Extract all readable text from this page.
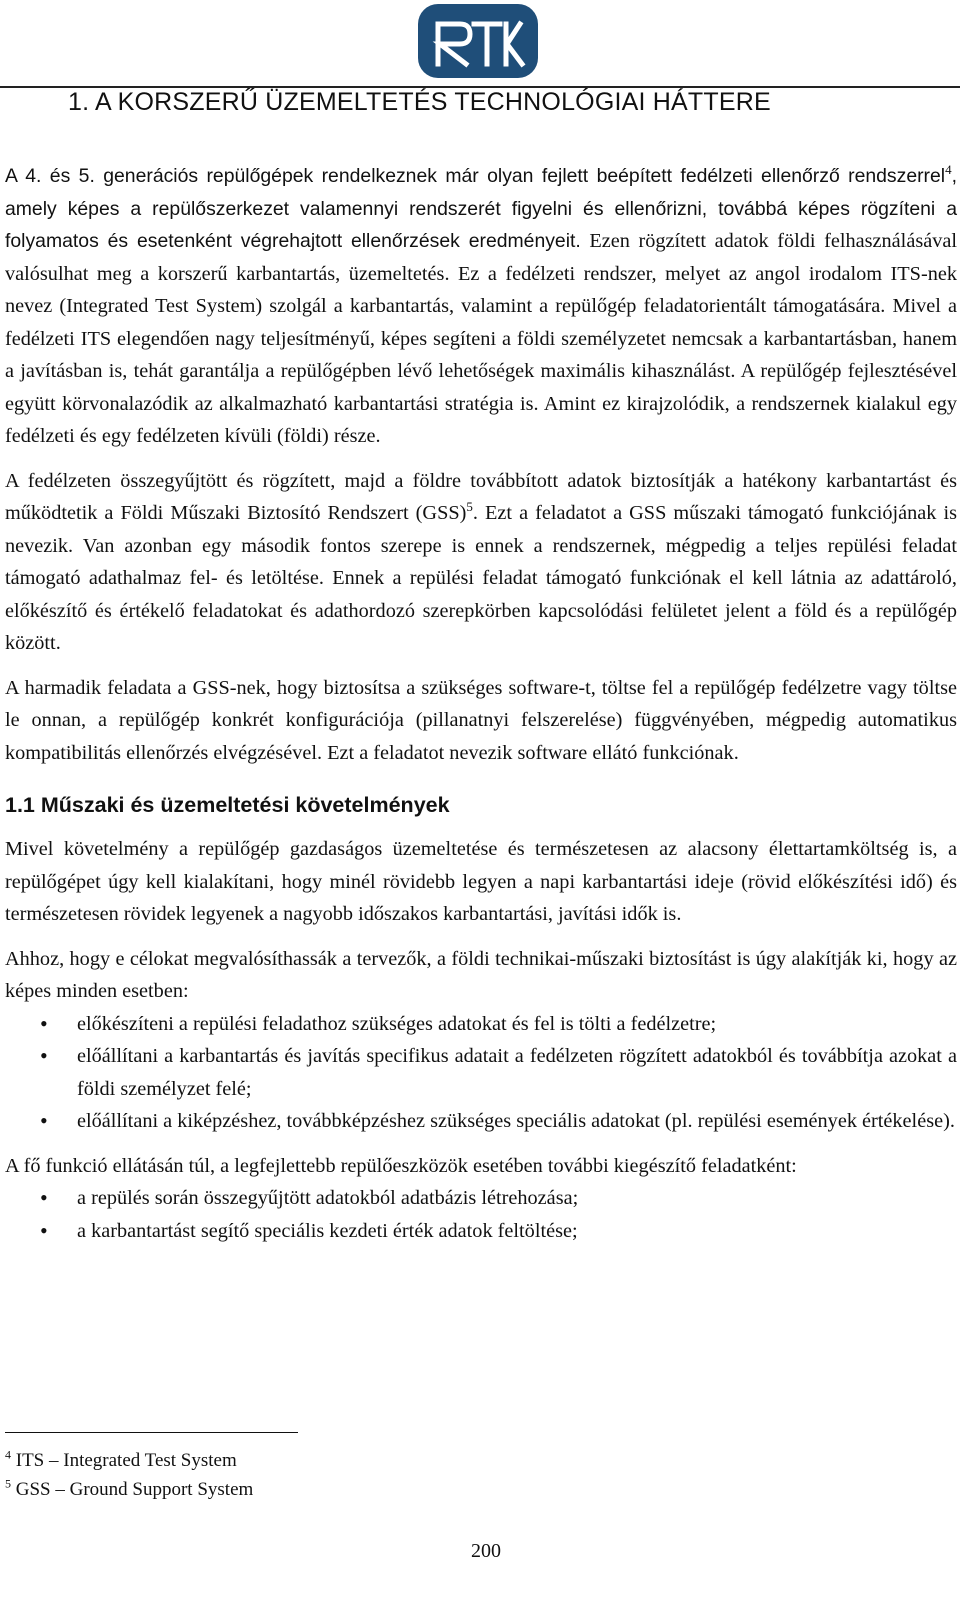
1. A KORSZERŰ ÜZEMELTETÉS TECHNOLÓGIAI HÁTTERE

A 4. és 5. generációs repülőgépek rendelkeznek már olyan fejlett beépített fedélzeti ellenőrző rendszerrel$^4$, amely képes a repülőszerkezet valamennyi rendszerét figyelni és ellenőrizni, továbbá képes rögzíteni a folyamatos és esetenként végrehajtott ellenőrzések eredményeit. Ezen rögzített adatok földi felhasználásával valósulhat meg a korszerű karbantartás, üzemeltetés. Ez a fedélzeti rendszer, melyet az angol irodalom ITS-nek nevez (Integrated Test System) szolgál a karbantartás, valamint a repülőgép feladatorientált támogatására. Mivel a fedélzeti ITS elegendően nagy teljesítményű, képes segíteni a földi személyzetet nemcsak a karbantartásban, hanem a javításban is, tehát garantálja a repülőgépben lévő lehetőségek maximális kihasználást. A repülőgép fejlesztésével együtt körvonalazódik az alkalmazható karbantartási stratégia is. Amint ez kirajzolódik, a rendszernek kialakul egy fedélzeti és egy fedélzeten kívüli (földi) része.

A fedélzeten összegyűjtött és rögzített, majd a földre továbbított adatok biztosítják a hatékony karbantartást és működtetik a Földi Műszaki Biztosító Rendszert (GSS)$^5$. Ezt a feladatot a GSS műszaki támogató funkciójának is nevezik. Van azonban egy második fontos szerepe is ennek a rendszernek, mégpedig a teljes repülési feladat támogató adathalmaz fel- és letöltése. Ennek a repülési feladat támogató funkciónak el kell látnia az adattároló, előkészítő és értékelő feladatokat és adathordozó szerepkörben kapcsolódási felületet jelent a föld és a repülőgép között.

A harmadik feladata a GSS-nek, hogy biztosítsa a szükséges software-t, töltse fel a repülőgép fedélzetre vagy töltse le onnan, a repülőgép konkrét konfigurációja (pillanatnyi felszerelése) függvényében, mégpedig automatikus kompatibilitás ellenőrzés elvégzésével. Ezt a feladatot nevezik software ellátó funkciónak.

1.1 Műszaki és üzemeltetési követelmények

Mivel követelmény a repülőgép gazdaságos üzemeltetése és természetesen az alacsony élettartamköltség is, a repülőgépet úgy kell kialakítani, hogy minél rövidebb legyen a napi karbantartási ideje (rövid előkészítési idő) és természetesen rövidek legyenek a nagyobb időszakos karbantartási, javítási idők is.

Ahhoz, hogy e célokat megvalósíthassák a tervezők, a földi technikai-műszaki biztosítást is úgy alakítják ki, hogy az képes minden esetben:

• előkészíteni a repülési feladathoz szükséges adatokat és fel is tölti a fedélzetre;
• előállítani a karbantartás és javítás specifikus adatait a fedélzeten rögzített adatokból és továbbítja azokat a földi személyzet felé;
• előállítani a kiképzéshez, továbbképzéshez szükséges speciális adatokat (pl. repülési események értékelése).

A fő funkció ellátásán túl, a legfejlettebb repülőeszközök esetében további kiegészítő feladatként:

• a repülés során összegyűjtött adatokból adatbázis létrehozása;
• a karbantartást segítő speciális kezdeti érték adatok feltöltése;
$^4$ ITS – Integrated Test System
$^5$ GSS – Ground Support System
200
